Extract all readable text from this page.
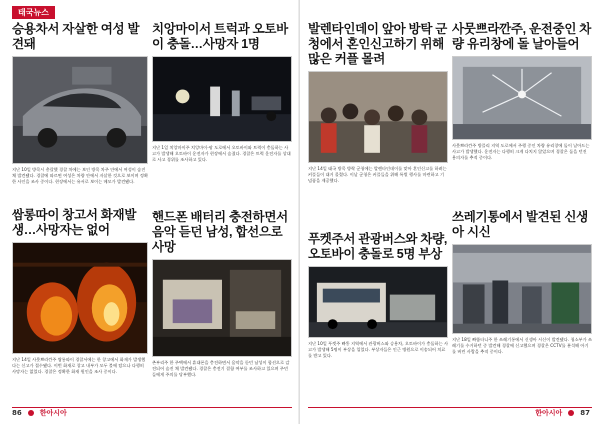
태국뉴스
승용차서 자살한 여성 발견돼
지난 10일 방콕시 총괄했 경찰 차에는 보인 방콕 차주 안에서 여성이 숨진 채 발견됐다. 경찰에 따르면 여성은 차량 안에서 자살한 것으로 보이며 정확한 사인을 조사 중이다. 현장에서는 유서로 보이는 메모가 발견됐다.
쌈롱따이 창고서 화재발생…사망자는 없어
지난 14일 사뭇쁘라깐주 쌈롱따이 경찰서에는 한 창고에서 화재가 발생했다는 신고가 접수됐다. 이번 화재로 창고 내부가 모두 불에 탔으나 다행히 사망자는 없었다. 경찰은 정확한 화재 원인을 조사 중이다.
치앙마이서 트럭과 오토바이 충돌…사망자 1명
지난 1일 치앙마이주 치앙마이-팡 도로에서 오토바이와 트럭이 충돌하는 사고가 발생해 오토바이 운전자가 현장에서 숨졌다. 경찰은 트럭 운전자를 상대로 사고 경위를 조사하고 있다.
핸드폰 배터리 충전하면서 음악 듣던 남성, 합선으로 사망
촌부리주 한 주택에서 휴대폰을 충전하면서 음악을 듣던 남성이 합선으로 감전되어 숨진 채 발견됐다. 경찰은 충전기 결함 여부를 조사하고 있으며 주민들에게 주의를 당부했다.
86	한아시아
발렌타인데이 앞아 방탁 군청에서 혼인신고하기 위해 많은 커플 몰려
지난 14일 태국 방콕 방락 군청에는 발렌타인데이를 맞아 혼인신고를 하려는 커플들이 대거 몰렸다. 이날 군청은 커플들을 위해 특별 행사를 마련하고 기념품을 제공했다.
푸켓주서 관광버스와 차량, 오토바이 충돌로 5명 부상
지난 10일 푸켓주 빠똥 지역에서 관광버스와 승용차, 오토바이가 충돌하는 사고가 발생해 5명이 부상을 입었다. 부상자들은 인근 병원으로 이송되어 치료를 받고 있다.
사뭇쁘라깐주, 운전중인 차량 유리창에 돌 날아들어
사뭇쁘라깐주 방플리 지역 도로에서 주행 중인 차량 유리창에 돌이 날아드는 사고가 발생했다. 운전자는 다행히 크게 다치지 않았으며 경찰은 돌을 던진 용의자를 추적 중이다.
쓰레기통에서 발견된 신생아 시신
지난 18일 빠뚬타니주 한 쓰레기통에서 신생아 시신이 발견됐다. 청소부가 쓰레기를 수거하던 중 발견해 경찰에 신고했으며 경찰은 CCTV를 분석해 아기를 버린 사람을 추적 중이다.
한아시아	87
